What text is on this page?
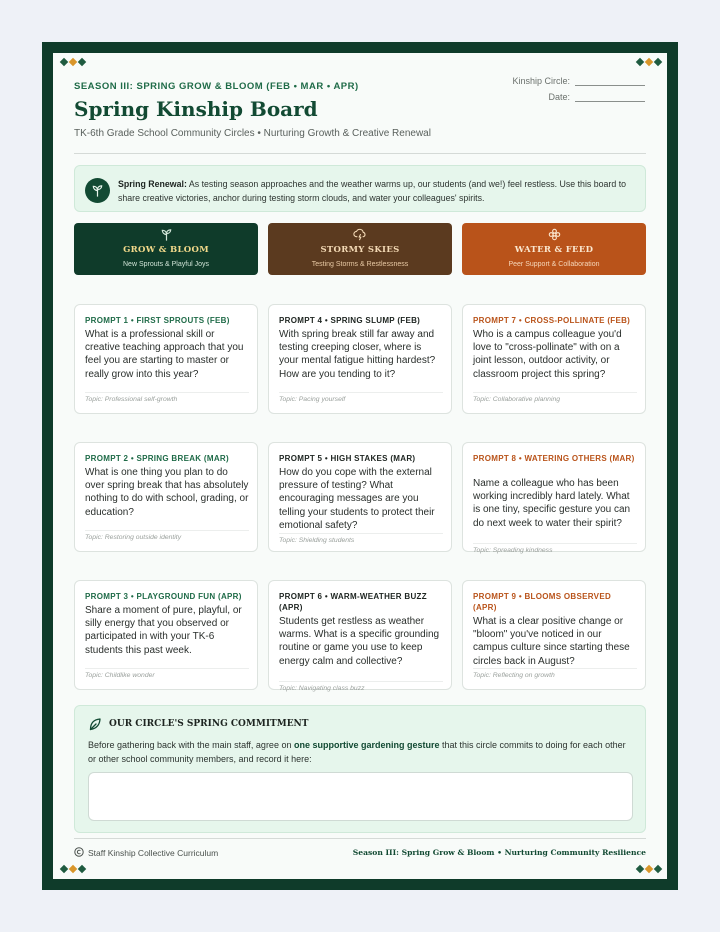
SEASON III: SPRING GROW & BLOOM (FEB • MAR • APR)
Spring Kinship Board
TK-6th Grade School Community Circles • Nurturing Growth & Creative Renewal
Kinship Circle:
Date:
Spring Renewal: As testing season approaches and the weather warms up, our students (and we!) feel restless. Use this board to share creative victories, anchor during testing storm clouds, and water your colleagues' spirits.
GROW & BLOOM
New Sprouts & Playful Joys
STORMY SKIES
Testing Storms & Restlessness
WATER & FEED
Peer Support & Collaboration
PROMPT 1 • FIRST SPROUTS (FEB)
What is a professional skill or creative teaching approach that you feel you are starting to master or really grow into this year?
Topic: Professional self-growth
PROMPT 4 • SPRING SLUMP (FEB)
With spring break still far away and testing creeping closer, where is your mental fatigue hitting hardest? How are you tending to it?
Topic: Pacing yourself
PROMPT 7 • CROSS-POLLINATE (FEB)
Who is a campus colleague you'd love to "cross-pollinate" with on a joint lesson, outdoor activity, or classroom project this spring?
Topic: Collaborative planning
PROMPT 2 • SPRING BREAK (MAR)
What is one thing you plan to do over spring break that has absolutely nothing to do with school, grading, or education?
Topic: Restoring outside identity
PROMPT 5 • HIGH STAKES (MAR)
How do you cope with the external pressure of testing? What encouraging messages are you telling your students to protect their emotional safety?
Topic: Shielding students
PROMPT 8 • WATERING OTHERS (MAR)
Name a colleague who has been working incredibly hard lately. What is one tiny, specific gesture you can do next week to water their spirit?
Topic: Spreading kindness
PROMPT 3 • PLAYGROUND FUN (APR)
Share a moment of pure, playful, or silly energy that you observed or participated in with your TK-6 students this past week.
Topic: Childlike wonder
PROMPT 6 • WARM-WEATHER BUZZ (APR)
Students get restless as weather warms. What is a specific grounding routine or game you use to keep energy calm and collective?
Topic: Navigating class buzz
PROMPT 9 • BLOOMS OBSERVED (APR)
What is a clear positive change or "bloom" you've noticed in our campus culture since starting these circles back in August?
Topic: Reflecting on growth
OUR CIRCLE'S SPRING COMMITMENT
Before gathering back with the main staff, agree on one supportive gardening gesture that this circle commits to doing for each other or other school community members, and record it here:
Staff Kinship Collective Curriculum	Season III: Spring Grow & Bloom • Nurturing Community Resilience
